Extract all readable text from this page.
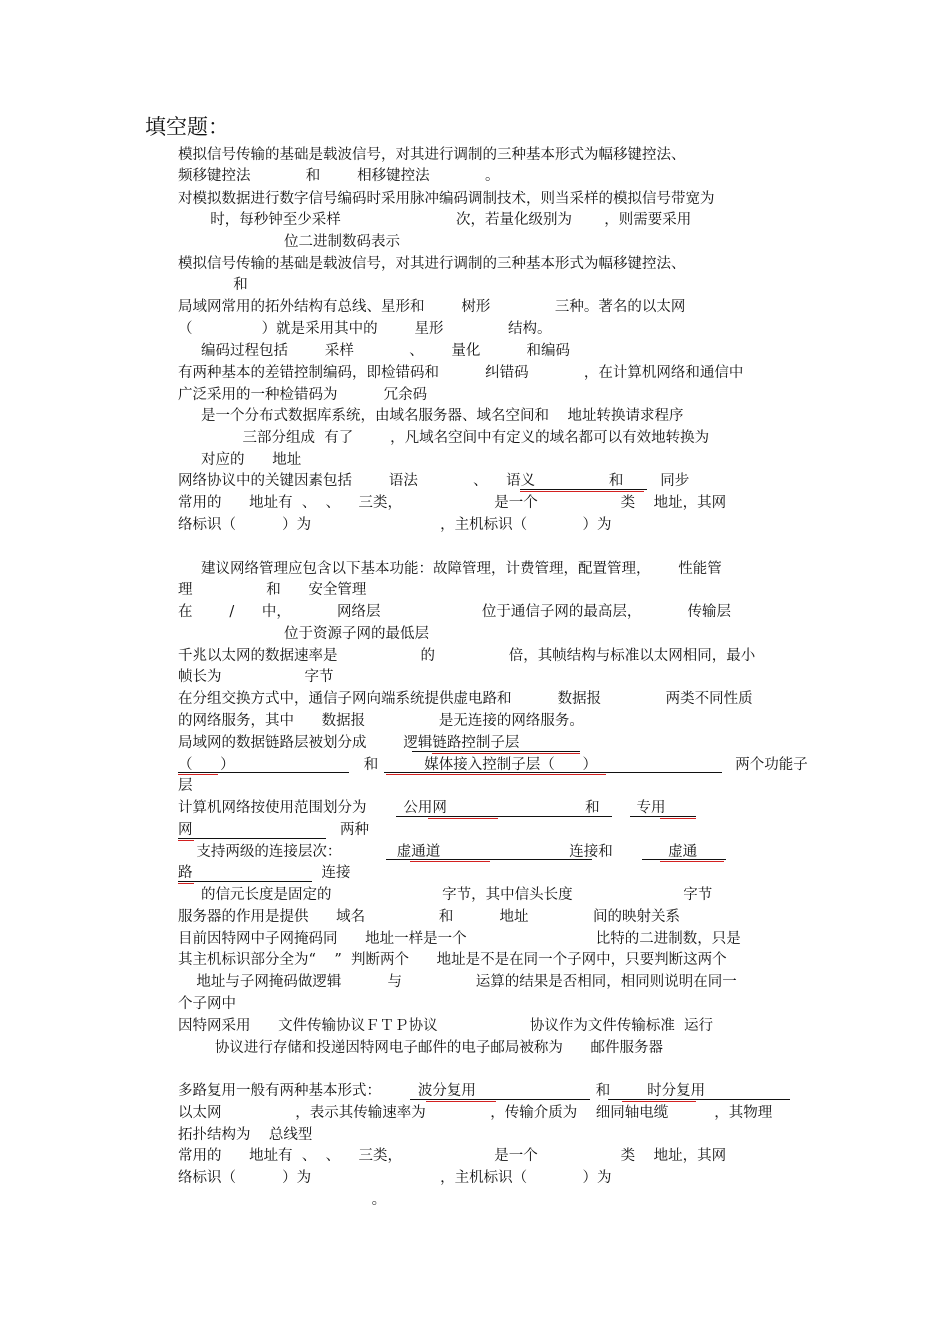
填空题：
模拟信号传输的基础是载波信号，对其进行调制的三种基本形式为幅移键控法、
频移键控法            和        相移键控法            。
对模拟数据进行数字信号编码时采用脉冲编码调制技术，则当采样的模拟信号带宽为
时，每秒钟至少采样                         次，若量化级别为       ，则需要采用
位二进制数码表示
模拟信号传输的基础是载波信号，对其进行调制的三种基本形式为幅移键控法、
和
局域网常用的拓外结构有总线、星形和        树形              三种。著名的以太网
（               ）就是采用其中的        星形              结构。
编码过程包括        采样            、      量化          和编码
有两种基本的差错控制编码，即检错码和          纠错码            ，在计算机网络和通信中
广泛采用的一种检错码为          冗余码
是一个分布式数据库系统，由域名服务器、域名空间和    地址转换请求程序
三部分组成  有了        ，凡域名空间中有定义的域名都可以有效地转换为
对应的      地址
网络协议中的关键因素包括        语法            、    语义                和        同步
常用的      地址有  、  、    三类，                    是一个                  类    地址，其网
络标识（          ）为                            ，主机标识（            ）为
建议网络管理应包含以下基本功能：故障管理，计费管理，配置管理，      性能管
理                和      安全管理
在        /      中，          网络层                      位于通信子网的最高层，          传输层
位于资源子网的最低层
千兆以太网的数据速率是                  的                倍，其帧结构与标准以太网相同，最小
帧长为                  字节
在分组交换方式中，通信子网向端系统提供虚电路和          数据报              两类不同性质
的网络服务，其中      数据报                是无连接的网络服务。
局域网的数据链路层被划分成        逻辑链路控制子层
（      ）                            和          媒体接入控制子层（      ）                              两个功能子
层
计算机网络按使用范围划分为        公用网                              和        专用
网                                两种
支持两级的连接层次：            虚通道                            连接和            虚通
路                            连接
的信元长度是固定的                        字节，其中信头长度                        字节
服务器的作用是提供      域名                和          地址              间的映射关系
目前因特网中子网掩码同      地址一样是一个                            比特的二进制数，只是
其主机标识部分全为“    ”  判断两个      地址是不是在同一个子网中，只要判断这两个
地址与子网掩码做逻辑          与                运算的结果是否相同，相同则说明在同一
个子网中
因特网采用      文件传输协议ＦＴＰ协议                    协议作为文件传输标准  运行
协议进行存储和投递因特网电子邮件的电子邮局被称为      邮件服务器
多路复用一般有两种基本形式：        波分复用                          和        时分复用
以太网                ，表示其传输速率为              ，传输介质为    细同轴电缆          ，其物理
拓扑结构为    总线型
常用的      地址有  、  、    三类，                    是一个                  类    地址，其网
络标识（          ）为                            ，主机标识（            ）为
。
